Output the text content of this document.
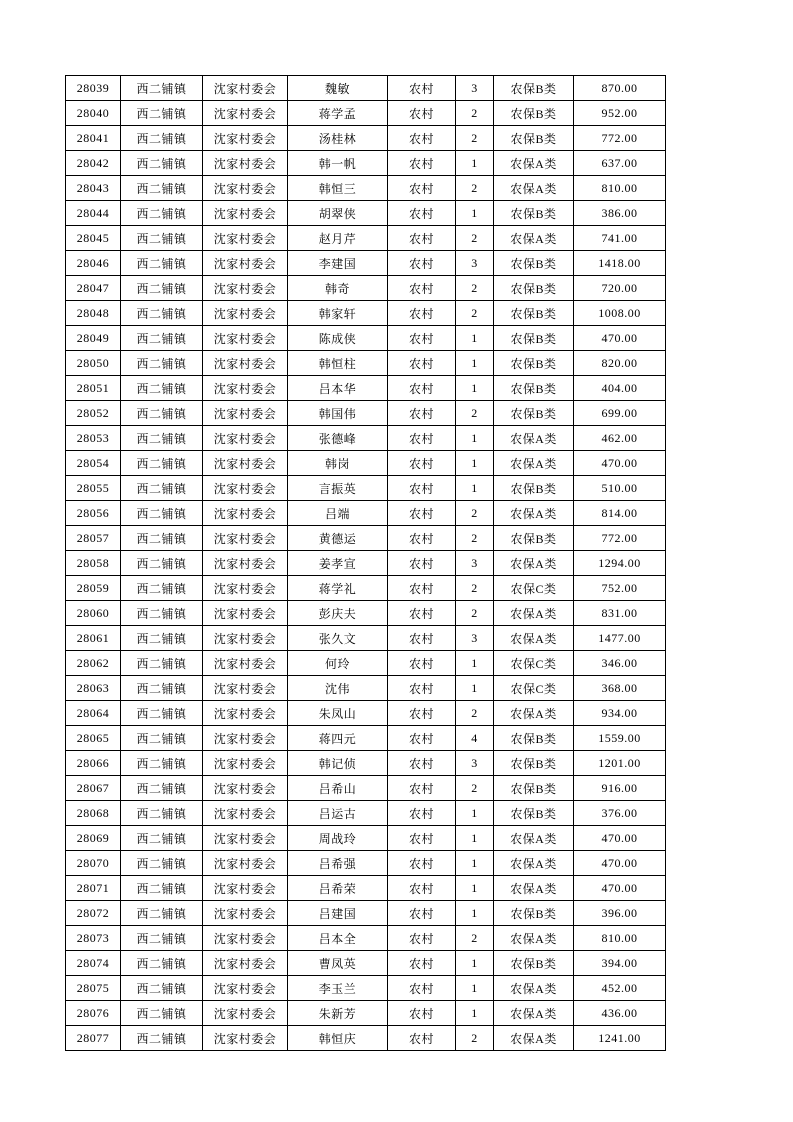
28039	西二铺镇	沈家村委会	魏敏	农村	3	农保B类	870.00
28040	西二铺镇	沈家村委会	蒋学孟	农村	2	农保B类	952.00
28041	西二铺镇	沈家村委会	汤桂林	农村	2	农保B类	772.00
28042	西二铺镇	沈家村委会	韩一帆	农村	1	农保A类	637.00
28043	西二铺镇	沈家村委会	韩恒三	农村	2	农保A类	810.00
28044	西二铺镇	沈家村委会	胡翠侠	农村	1	农保B类	386.00
28045	西二铺镇	沈家村委会	赵月芹	农村	2	农保A类	741.00
28046	西二铺镇	沈家村委会	李建国	农村	3	农保B类	1418.00
28047	西二铺镇	沈家村委会	韩奇	农村	2	农保B类	720.00
28048	西二铺镇	沈家村委会	韩家轩	农村	2	农保B类	1008.00
28049	西二铺镇	沈家村委会	陈成侠	农村	1	农保B类	470.00
28050	西二铺镇	沈家村委会	韩恒柱	农村	1	农保B类	820.00
28051	西二铺镇	沈家村委会	吕本华	农村	1	农保B类	404.00
28052	西二铺镇	沈家村委会	韩国伟	农村	2	农保B类	699.00
28053	西二铺镇	沈家村委会	张德峰	农村	1	农保A类	462.00
28054	西二铺镇	沈家村委会	韩岗	农村	1	农保A类	470.00
28055	西二铺镇	沈家村委会	言振英	农村	1	农保B类	510.00
28056	西二铺镇	沈家村委会	吕端	农村	2	农保A类	814.00
28057	西二铺镇	沈家村委会	黄德运	农村	2	农保B类	772.00
28058	西二铺镇	沈家村委会	姜孝宣	农村	3	农保A类	1294.00
28059	西二铺镇	沈家村委会	蒋学礼	农村	2	农保C类	752.00
28060	西二铺镇	沈家村委会	彭庆夫	农村	2	农保A类	831.00
28061	西二铺镇	沈家村委会	张久文	农村	3	农保A类	1477.00
28062	西二铺镇	沈家村委会	何玲	农村	1	农保C类	346.00
28063	西二铺镇	沈家村委会	沈伟	农村	1	农保C类	368.00
28064	西二铺镇	沈家村委会	朱凤山	农村	2	农保A类	934.00
28065	西二铺镇	沈家村委会	蒋四元	农村	4	农保B类	1559.00
28066	西二铺镇	沈家村委会	韩记侦	农村	3	农保B类	1201.00
28067	西二铺镇	沈家村委会	吕希山	农村	2	农保B类	916.00
28068	西二铺镇	沈家村委会	吕运古	农村	1	农保B类	376.00
28069	西二铺镇	沈家村委会	周战玲	农村	1	农保A类	470.00
28070	西二铺镇	沈家村委会	吕希强	农村	1	农保A类	470.00
28071	西二铺镇	沈家村委会	吕希荣	农村	1	农保A类	470.00
28072	西二铺镇	沈家村委会	吕建国	农村	1	农保B类	396.00
28073	西二铺镇	沈家村委会	吕本全	农村	2	农保A类	810.00
28074	西二铺镇	沈家村委会	曹凤英	农村	1	农保B类	394.00
28075	西二铺镇	沈家村委会	李玉兰	农村	1	农保A类	452.00
28076	西二铺镇	沈家村委会	朱新芳	农村	1	农保A类	436.00
28077	西二铺镇	沈家村委会	韩恒庆	农村	2	农保A类	1241.00
